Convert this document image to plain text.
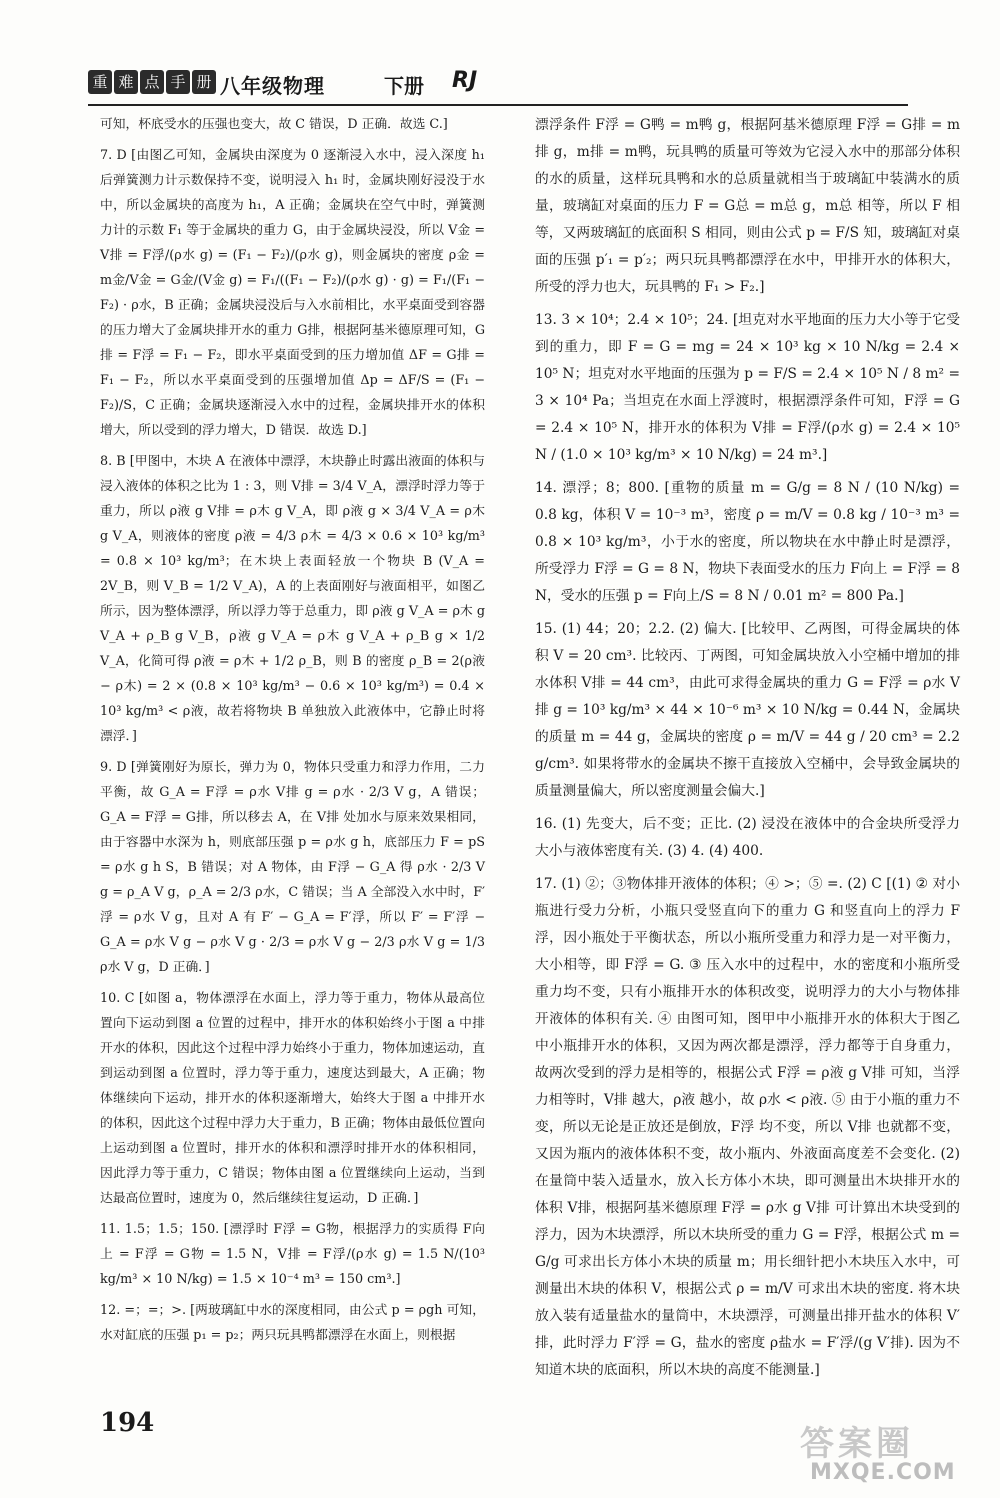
重 难 点 手 册 八年级物理	下册 RJ

可知，杯底受水的压强也变大，故 C 错误，D 正确．故选 C.]

7. D [由图乙可知，金属块由深度为 0 逐渐浸入水中，浸入深度 h₁ 后弹簧测力计示数保持不变，说明浸入 h₁ 时，金属块刚好浸没于水中，所以金属块的高度为 h₁，A 正确；金属块在空气中时，弹簧测力计的示数 F₁ 等于金属块的重力 G，由于金属块浸没，所以 V金 = V排 = F浮/(ρ水 g) = (F₁ − F₂)/(ρ水 g)，则金属块的密度 ρ金 = m金/V金 = G金/(V金 g) = F₁/((F₁ − F₂)/(ρ水 g) · g) = F₁/(F₁ − F₂) · ρ水，B 正确；金属块浸没后与入水前相比，水平桌面受到容器的压力增大了金属块排开水的重力 G排，根据阿基米德原理可知，G排 = F浮 = F₁ − F₂，即水平桌面受到的压力增加值 ΔF = G排 = F₁ − F₂，所以水平桌面受到的压强增加值 Δp = ΔF/S = (F₁ − F₂)/S，C 正确；金属块逐渐浸入水中的过程，金属块排开水的体积增大，所以受到的浮力增大，D 错误．故选 D.]

8. B [甲图中，木块 A 在液体中漂浮，木块静止时露出液面的体积与浸入液体的体积之比为 1 : 3，则 V排 = 3/4 V_A，漂浮时浮力等于重力，所以 ρ液 g V排 = ρ木 g V_A，即 ρ液 g × 3/4 V_A = ρ木 g V_A，则液体的密度 ρ液 = 4/3 ρ木 = 4/3 × 0.6 × 10³ kg/m³ = 0.8 × 10³ kg/m³；在木块上表面轻放一个物块 B (V_A = 2V_B，则 V_B = 1/2 V_A)，A 的上表面刚好与液面相平，如图乙所示，因为整体漂浮，所以浮力等于总重力，即 ρ液 g V_A = ρ木 g V_A + ρ_B g V_B，ρ液 g V_A = ρ木 g V_A + ρ_B g × 1/2 V_A，化简可得 ρ液 = ρ木 + 1/2 ρ_B，则 B 的密度 ρ_B = 2(ρ液 − ρ木) = 2 × (0.8 × 10³ kg/m³ − 0.6 × 10³ kg/m³) = 0.4 × 10³ kg/m³ < ρ液，故若将物块 B 单独放入此液体中，它静止时将漂浮．]

9. D [弹簧刚好为原长，弹力为 0，物体只受重力和浮力作用，二力平衡，故 G_A = F浮 = ρ水 V排 g = ρ水 · 2/3 V g，A 错误；G_A = F浮 = G排，所以移去 A，在 V排 处加水与原来效果相同，由于容器中水深为 h，则底部压强 p = ρ水 g h，底部压力 F = pS = ρ水 g h S，B 错误；对 A 物体，由 F浮 − G_A 得 ρ水 · 2/3 V g = ρ_A V g，ρ_A = 2/3 ρ水，C 错误；当 A 全部没入水中时，F′浮 = ρ水 V g，且对 A 有 F′ − G_A = F′浮，所以 F′ = F′浮 − G_A = ρ水 V g − ρ水 V g · 2/3 = ρ水 V g − 2/3 ρ水 V g = 1/3 ρ水 V g，D 正确．]

10. C [如图 a，物体漂浮在水面上，浮力等于重力，物体从最高位置向下运动到图 a 位置的过程中，排开水的体积始终小于图 a 中排开水的体积，因此这个过程中浮力始终小于重力，物体加速运动，直到运动到图 a 位置时，浮力等于重力，速度达到最大，A 正确；物体继续向下运动，排开水的体积逐渐增大，始终大于图 a 中排开水的体积，因此这个过程中浮力大于重力，B 正确；物体由最低位置向上运动到图 a 位置时，排开水的体积和漂浮时排开水的体积相同，因此浮力等于重力，C 错误；物体由图 a 位置继续向上运动，当到达最高位置时，速度为 0，然后继续往复运动，D 正确．]

11. 1.5；1.5；150. [漂浮时 F浮 = G物，根据浮力的实质得 F向上 = F浮 = G物 = 1.5 N，V排 = F浮/(ρ水 g) = 1.5 N/(10³ kg/m³ × 10 N/kg) = 1.5 × 10⁻⁴ m³ = 150 cm³.]

12. =；=；>. [两玻璃缸中水的深度相同，由公式 p = ρgh 可知，水对缸底的压强 p₁ = p₂；两只玩具鸭都漂浮在水面上，则根据

漂浮条件 F浮 = G鸭 = m鸭 g，根据阿基米德原理 F浮 = G排 = m排 g，m排 = m鸭，玩具鸭的质量可等效为它浸入水中的那部分体积的水的质量，这样玩具鸭和水的总质量就相当于玻璃缸中装满水的质量，玻璃缸对桌面的压力 F = G总 = m总 g，m总 相等，所以 F 相等，又两玻璃缸的底面积 S 相同，则由公式 p = F/S 知，玻璃缸对桌面的压强 p′₁ = p′₂；两只玩具鸭都漂浮在水中，甲排开水的体积大，所受的浮力也大，玩具鸭的 F₁ > F₂.]

13. 3 × 10⁴；2.4 × 10⁵；24. [坦克对水平地面的压力大小等于它受到的重力，即 F = G = mg = 24 × 10³ kg × 10 N/kg = 2.4 × 10⁵ N；坦克对水平地面的压强为 p = F/S = 2.4 × 10⁵ N / 8 m² = 3 × 10⁴ Pa；当坦克在水面上浮渡时，根据漂浮条件可知，F浮 = G = 2.4 × 10⁵ N，排开水的体积为 V排 = F浮/(ρ水 g) = 2.4 × 10⁵ N / (1.0 × 10³ kg/m³ × 10 N/kg) = 24 m³.]

14. 漂浮；8；800. [重物的质量 m = G/g = 8 N / (10 N/kg) = 0.8 kg，体积 V = 10⁻³ m³，密度 ρ = m/V = 0.8 kg / 10⁻³ m³ = 0.8 × 10³ kg/m³，小于水的密度，所以物块在水中静止时是漂浮，所受浮力 F浮 = G = 8 N，物块下表面受水的压力 F向上 = F浮 = 8 N，受水的压强 p = F向上/S = 8 N / 0.01 m² = 800 Pa.]

15. (1) 44；20；2.2. (2) 偏大. [比较甲、乙两图，可得金属块的体积 V = 20 cm³. 比较丙、丁两图，可知金属块放入小空桶中增加的排水体积 V排 = 44 cm³，由此可求得金属块的重力 G = F浮 = ρ水 V排 g = 10³ kg/m³ × 44 × 10⁻⁶ m³ × 10 N/kg = 0.44 N，金属块的质量 m = 44 g，金属块的密度 ρ = m/V = 44 g / 20 cm³ = 2.2 g/cm³. 如果将带水的金属块不擦干直接放入空桶中，会导致金属块的质量测量偏大，所以密度测量会偏大.]

16. (1) 先变大，后不变；正比. (2) 浸没在液体中的合金块所受浮力大小与液体密度有关. (3) 4. (4) 400.

17. (1) ②；③物体排开液体的体积；④ >；⑤ =. (2) C [(1) ② 对小瓶进行受力分析，小瓶只受竖直向下的重力 G 和竖直向上的浮力 F浮，因小瓶处于平衡状态，所以小瓶所受重力和浮力是一对平衡力，大小相等，即 F浮 = G. ③ 压入水中的过程中，水的密度和小瓶所受重力均不变，只有小瓶排开水的体积改变，说明浮力的大小与物体排开液体的体积有关. ④ 由图可知，图甲中小瓶排开水的体积大于图乙中小瓶排开水的体积，又因为两次都是漂浮，浮力都等于自身重力，故两次受到的浮力是相等的，根据公式 F浮 = ρ液 g V排 可知，当浮力相等时，V排 越大，ρ液 越小，故 ρ水 < ρ液. ⑤ 由于小瓶的重力不变，所以无论是正放还是倒放，F浮 均不变，所以 V排 也就都不变，又因为瓶内的液体体积不变，故小瓶内、外液面高度差不会变化. (2) 在量筒中装入适量水，放入长方体小木块，即可测量出木块排开水的体积 V排，根据阿基米德原理 F浮 = ρ水 g V排 可计算出木块受到的浮力，因为木块漂浮，所以木块所受的重力 G = F浮，根据公式 m = G/g 可求出长方体小木块的质量 m；用长细针把小木块压入水中，可测量出木块的体积 V，根据公式 ρ = m/V 可求出木块的密度. 将木块放入装有适量盐水的量筒中，木块漂浮，可测量出排开盐水的体积 V′排，此时浮力 F′浮 = G，盐水的密度 ρ盐水 = F′浮/(g V′排). 因为不知道木块的底面积，所以木块的高度不能测量.]

194
答案圈
MXQE.COM
